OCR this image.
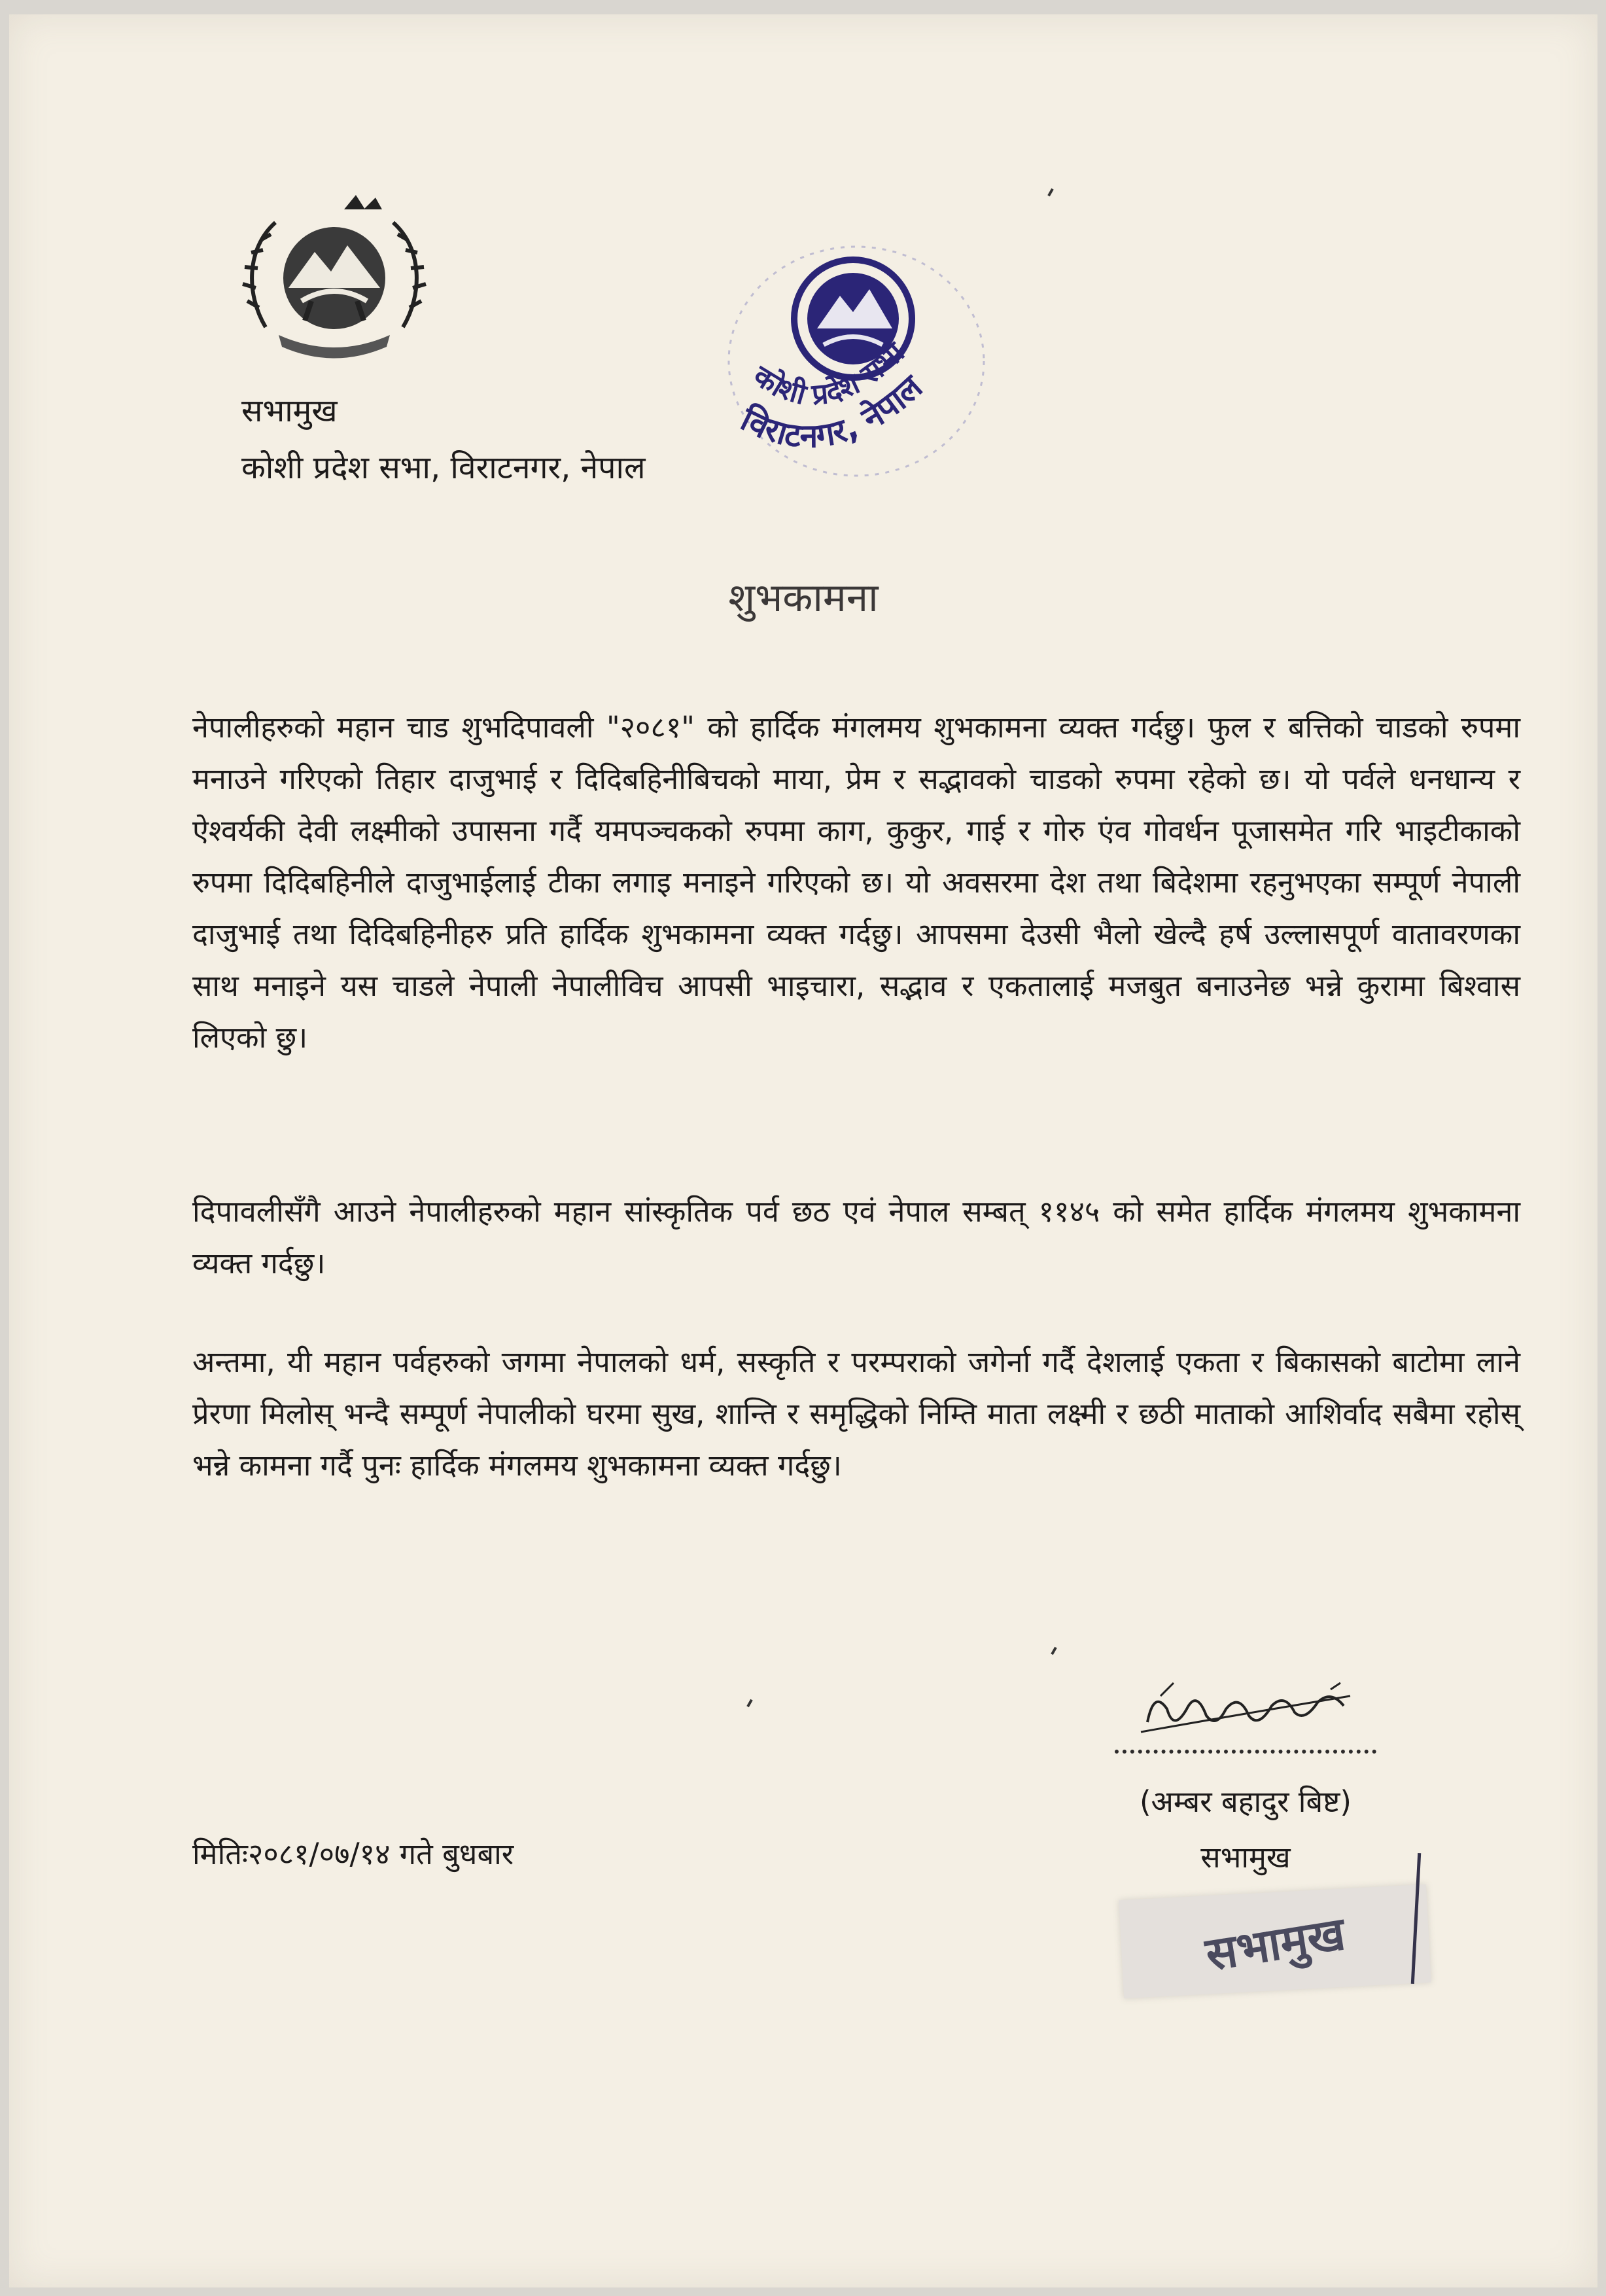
सभामुख
कोशी प्रदेश सभा, विराटनगर, नेपाल
कोशी प्रदेश सभा
विराटनगर, नेपाल
शुभकामना

नेपालीहरुको महान चाड शुभदिपावली "२०८१" को हार्दिक मंगलमय शुभकामना व्यक्त गर्दछु। फुल र बत्तिको चाडको रुपमा मनाउने गरिएको तिहार दाजुभाई र दिदिबहिनीबिचको माया, प्रेम र सद्भावको चाडको रुपमा रहेको छ। यो पर्वले धनधान्य र ऐश्वर्यकी देवी लक्ष्मीको उपासना गर्दै यमपञ्चकको रुपमा काग, कुकुर, गाई र गोरु एंव गोवर्धन पूजासमेत गरि भाइटीकाको रुपमा दिदिबहिनीले दाजुभाईलाई टीका लगाइ मनाइने गरिएको छ। यो अवसरमा देश तथा बिदेशमा रहनुभएका सम्पूर्ण नेपाली दाजुभाई तथा दिदिबहिनीहरु प्रति हार्दिक शुभकामना व्यक्त गर्दछु। आपसमा देउसी भैलो खेल्दै हर्ष उल्लासपूर्ण वातावरणका साथ मनाइने यस चाडले नेपाली नेपालीविच आपसी भाइचारा, सद्भाव र एकतालाई मजबुत बनाउनेछ भन्ने कुरामा बिश्वास लिएको छु।

दिपावलीसँगै आउने नेपालीहरुको महान सांस्कृतिक पर्व छठ एवं नेपाल सम्बत् ११४५ को समेत हार्दिक मंगलमय शुभकामना व्यक्त गर्दछु।

अन्तमा, यी महान पर्वहरुको जगमा नेपालको धर्म, सस्कृति र परम्पराको जगेर्ना गर्दै देशलाई एकता र बिकासको बाटोमा लाने प्रेरणा मिलोस् भन्दै सम्पूर्ण नेपालीको घरमा सुख, शान्ति र समृद्धिको निम्ति माता लक्ष्मी र छठी माताको आशिर्वाद सबैमा रहोस् भन्ने कामना गर्दै पुनः हार्दिक मंगलमय शुभकामना व्यक्त गर्दछु।

(अम्बर बहादुर बिष्ट)
सभामुख
सभामुख
मितिः२०८१/०७/१४ गते बुधबार
